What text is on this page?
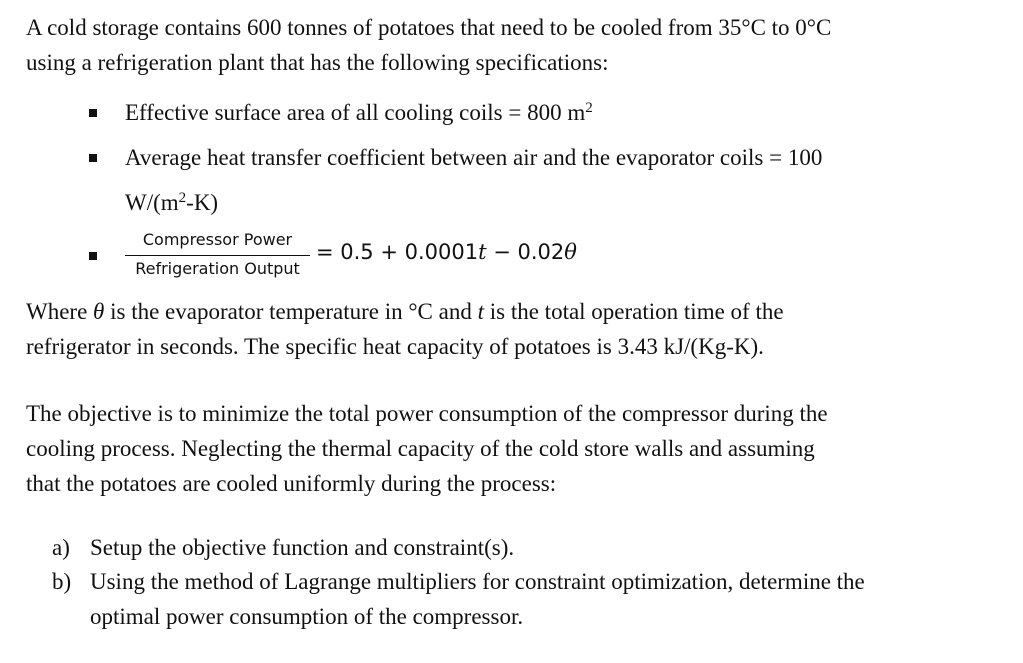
A cold storage contains 600 tonnes of potatoes that need to be cooled from 35°C to 0°C
using a refrigeration plant that has the following specifications:
Effective surface area of all cooling coils = 800 $m^2$
Average heat transfer coefficient between air and the evaporator coils = 100
$W/(m^2-K)$
Compressor Power
Refrigeration Output
= 0.5 + 0.0001t − 0.02θ
Where θ is the evaporator temperature in °C and t is the total operation time of the
refrigerator in seconds. The specific heat capacity of potatoes is 3.43 kJ/(Kg-K).
The objective is to minimize the total power consumption of the compressor during the
cooling process. Neglecting the thermal capacity of the cold store walls and assuming
that the potatoes are cooled uniformly during the process:
a) Setup the objective function and constraint(s).
b) Using the method of Lagrange multipliers for constraint optimization, determine the
optimal power consumption of the compressor.
